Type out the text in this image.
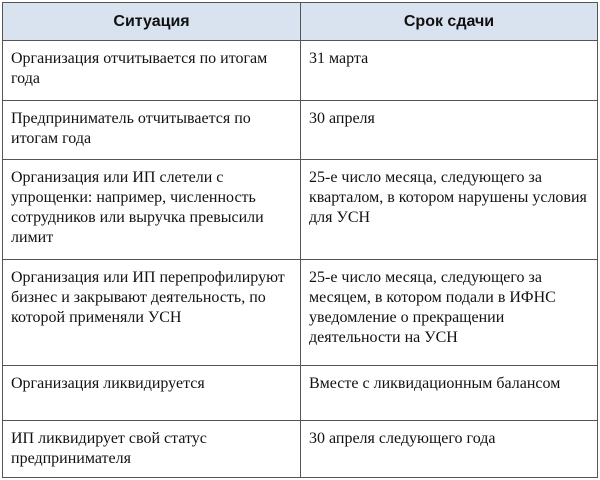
Ситуация	Срок сдачи
Организация отчитывается по итогам года	31 марта
Предприниматель отчитывается по итогам года	30 апреля
Организация или ИП слетели с упрощенки: например, численность сотрудников или выручка превысили лимит	25-е число месяца, следующего за кварталом, в котором нарушены условия для УСН
Организация или ИП перепрофилируют бизнес и закрывают деятельность, по которой применяли УСН	25-е число месяца, следующего за месяцем, в котором подали в ИФНС уведомление о прекращении деятельности на УСН
Организация ликвидируется	Вместе с ликвидационным балансом
ИП ликвидирует свой статус предпринимателя	30 апреля следующего года
